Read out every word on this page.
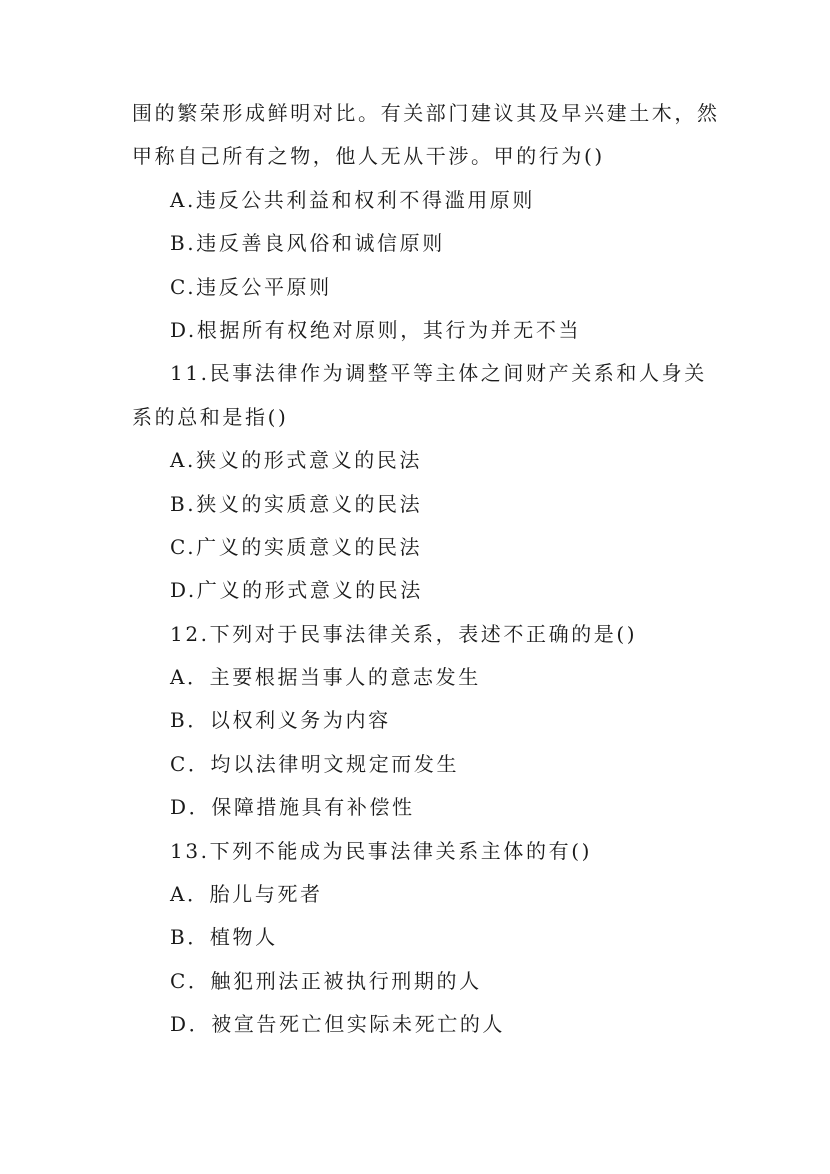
围的繁荣形成鲜明对比。有关部门建议其及早兴建土木，然
甲称自己所有之物，他人无从干涉。甲的行为()
A.违反公共利益和权利不得滥用原则
B.违反善良风俗和诚信原则
C.违反公平原则
D.根据所有权绝对原则，其行为并无不当
11.民事法律作为调整平等主体之间财产关系和人身关
系的总和是指()
A.狭义的形式意义的民法
B.狭义的实质意义的民法
C.广义的实质意义的民法
D.广义的形式意义的民法
12.下列对于民事法律关系，表述不正确的是()
A．主要根据当事人的意志发生
B．以权利义务为内容
C．均以法律明文规定而发生
D．保障措施具有补偿性
13.下列不能成为民事法律关系主体的有()
A．胎儿与死者
B．植物人
C．触犯刑法正被执行刑期的人
D．被宣告死亡但实际未死亡的人
